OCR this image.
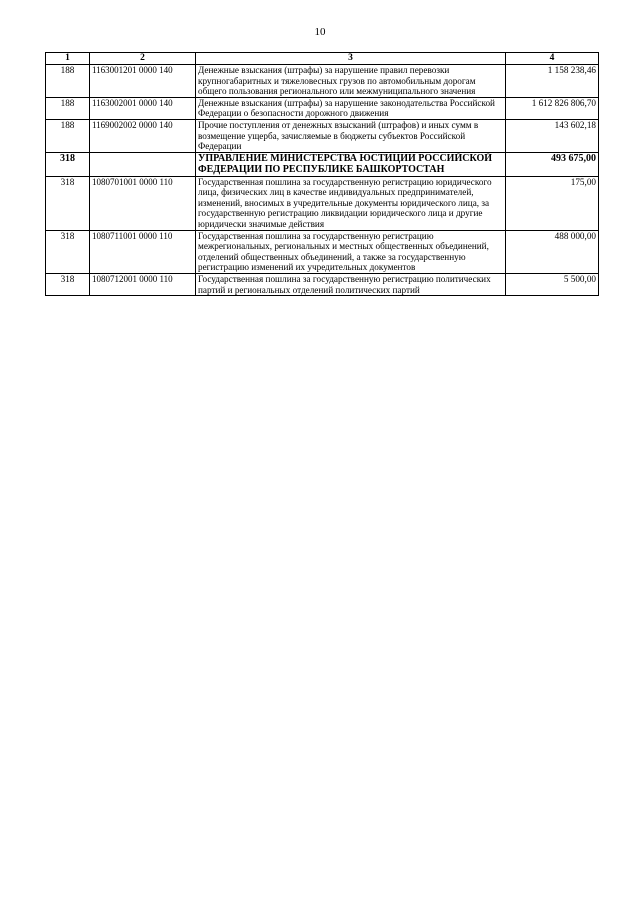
10
1	2	3	4
188	1163001201 0000 140	Денежные взыскания (штрафы) за нарушение правил перевозки крупногабаритных и тяжеловесных грузов по автомобильным дорогам общего пользования регионального или межмуниципального значения	1 158 238,46
188	1163002001 0000 140	Денежные взыскания (штрафы) за нарушение законодательства Российской Федерации о безопасности дорожного движения	1 612 826 806,70
188	1169002002 0000 140	Прочие поступления от денежных взысканий (штрафов) и иных сумм в возмещение ущерба, зачисляемые в бюджеты субъектов Российской Федерации	143 602,18
318		УПРАВЛЕНИЕ МИНИСТЕРСТВА ЮСТИЦИИ РОССИЙСКОЙ ФЕДЕРАЦИИ ПО РЕСПУБЛИКЕ БАШКОРТОСТАН	493 675,00
318	1080701001 0000 110	Государственная пошлина за государственную регистрацию юридического лица, физических лиц в качестве индивидуальных предпринимателей, изменений, вносимых в учредительные документы юридического лица, за государственную регистрацию ликвидации юридического лица и другие юридически значимые действия	175,00
318	1080711001 0000 110	Государственная пошлина за государственную регистрацию межрегиональных, региональных и местных общественных объединений, отделений общественных объединений, а также за государственную регистрацию изменений их учредительных документов	488 000,00
318	1080712001 0000 110	Государственная пошлина за государственную регистрацию политических партий и региональных отделений политических партий	5 500,00
